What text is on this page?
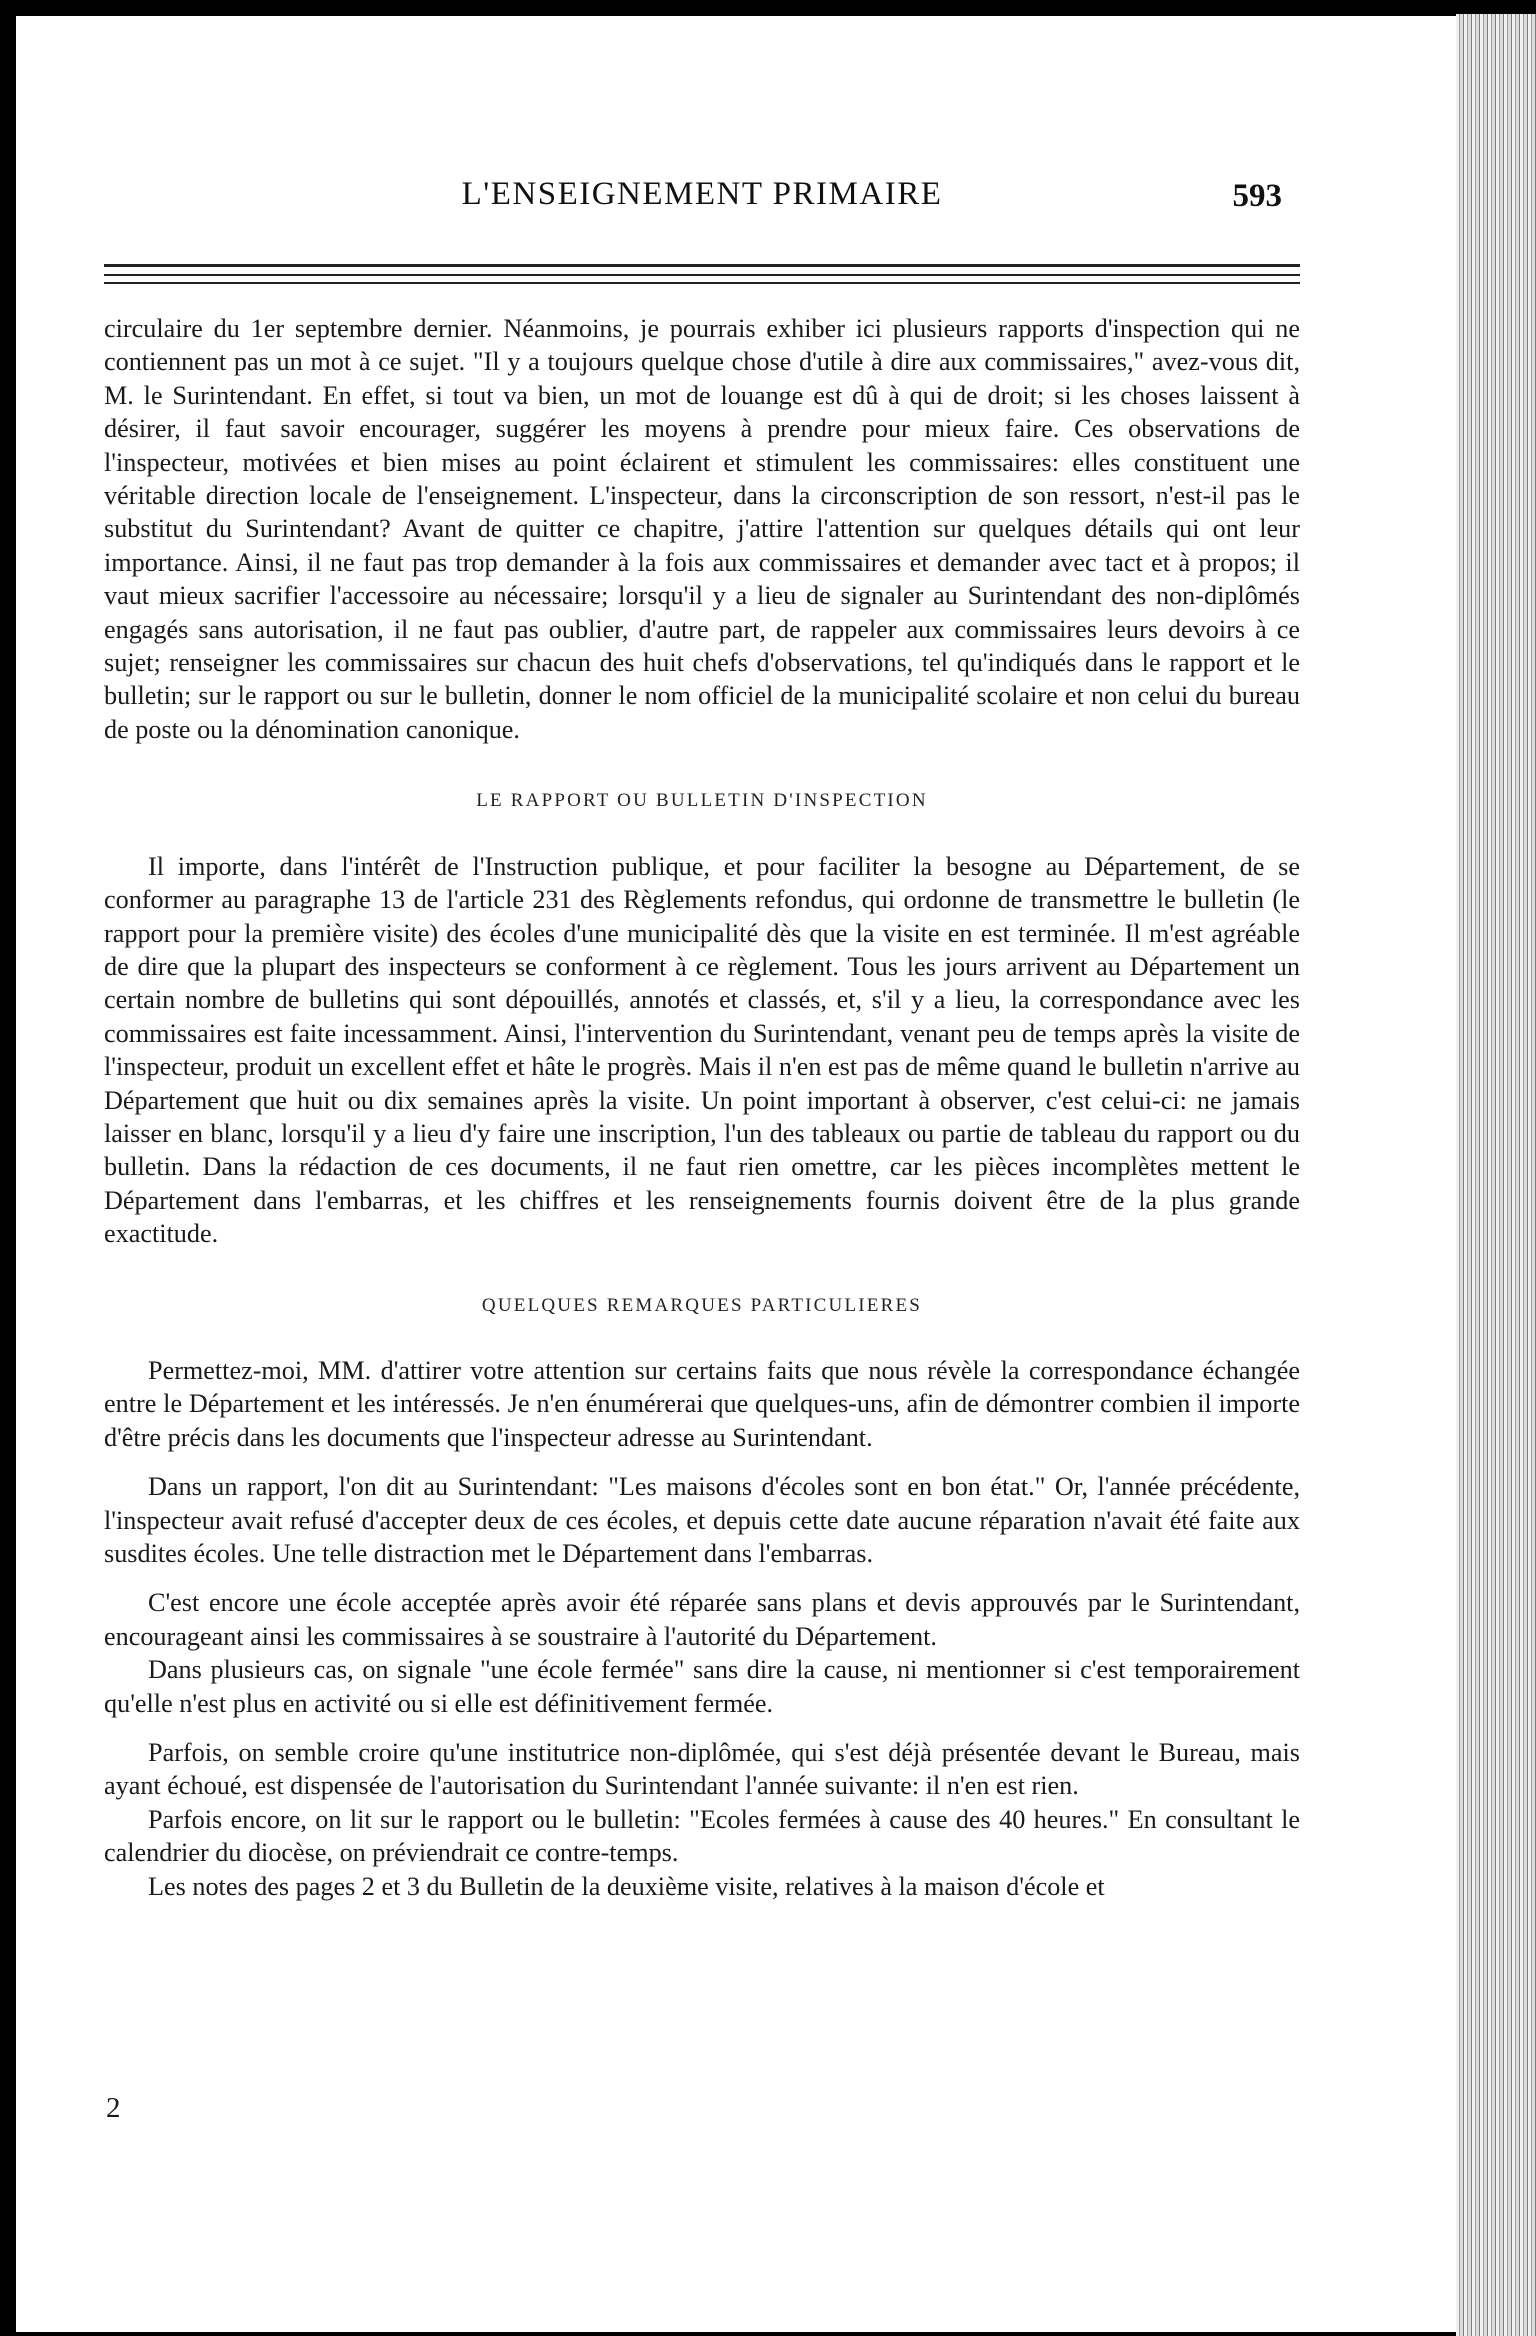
L'ENSEIGNEMENT PRIMAIRE	593

circulaire du 1er septembre dernier. Néanmoins, je pourrais exhiber ici plusieurs rapports d'inspection qui ne contiennent pas un mot à ce sujet. "Il y a toujours quelque chose d'utile à dire aux commissaires," avez-vous dit, M. le Surintendant. En effet, si tout va bien, un mot de louange est dû à qui de droit; si les choses laissent à désirer, il faut savoir encourager, suggérer les moyens à prendre pour mieux faire. Ces observations de l'inspecteur, motivées et bien mises au point éclairent et stimulent les commissaires: elles constituent une véritable direction locale de l'enseignement. L'inspecteur, dans la circonscription de son ressort, n'est-il pas le substitut du Surintendant? Avant de quitter ce chapitre, j'attire l'attention sur quelques détails qui ont leur importance. Ainsi, il ne faut pas trop demander à la fois aux commissaires et demander avec tact et à propos; il vaut mieux sacrifier l'accessoire au nécessaire; lorsqu'il y a lieu de signaler au Surintendant des non-diplômés engagés sans autorisation, il ne faut pas oublier, d'autre part, de rappeler aux commissaires leurs devoirs à ce sujet; renseigner les commissaires sur chacun des huit chefs d'observations, tel qu'indiqués dans le rapport et le bulletin; sur le rapport ou sur le bulletin, donner le nom officiel de la municipalité scolaire et non celui du bureau de poste ou la dénomination canonique.

LE RAPPORT OU BULLETIN D'INSPECTION

Il importe, dans l'intérêt de l'Instruction publique, et pour faciliter la besogne au Département, de se conformer au paragraphe 13 de l'article 231 des Règlements refondus, qui ordonne de transmettre le bulletin (le rapport pour la première visite) des écoles d'une municipalité dès que la visite en est terminée. Il m'est agréable de dire que la plupart des inspecteurs se conforment à ce règlement. Tous les jours arrivent au Département un certain nombre de bulletins qui sont dépouillés, annotés et classés, et, s'il y a lieu, la correspondance avec les commissaires est faite incessamment. Ainsi, l'intervention du Surintendant, venant peu de temps après la visite de l'inspecteur, produit un excellent effet et hâte le progrès. Mais il n'en est pas de même quand le bulletin n'arrive au Département que huit ou dix semaines après la visite. Un point important à observer, c'est celui-ci: ne jamais laisser en blanc, lorsqu'il y a lieu d'y faire une inscription, l'un des tableaux ou partie de tableau du rapport ou du bulletin. Dans la rédaction de ces documents, il ne faut rien omettre, car les pièces incomplètes mettent le Département dans l'embarras, et les chiffres et les renseignements fournis doivent être de la plus grande exactitude.

QUELQUES REMARQUES PARTICULIERES

Permettez-moi, MM. d'attirer votre attention sur certains faits que nous révèle la correspondance échangée entre le Département et les intéressés. Je n'en énumérerai que quelques-uns, afin de démontrer combien il importe d'être précis dans les documents que l'inspecteur adresse au Surintendant.

Dans un rapport, l'on dit au Surintendant: "Les maisons d'écoles sont en bon état." Or, l'année précédente, l'inspecteur avait refusé d'accepter deux de ces écoles, et depuis cette date aucune réparation n'avait été faite aux susdites écoles. Une telle distraction met le Département dans l'embarras.

C'est encore une école acceptée après avoir été réparée sans plans et devis approuvés par le Surintendant, encourageant ainsi les commissaires à se soustraire à l'autorité du Département.

Dans plusieurs cas, on signale "une école fermée" sans dire la cause, ni mentionner si c'est temporairement qu'elle n'est plus en activité ou si elle est définitivement fermée.

Parfois, on semble croire qu'une institutrice non-diplômée, qui s'est déjà présentée devant le Bureau, mais ayant échoué, est dispensée de l'autorisation du Surintendant l'année suivante: il n'en est rien.

Parfois encore, on lit sur le rapport ou le bulletin: "Ecoles fermées à cause des 40 heures." En consultant le calendrier du diocèse, on préviendrait ce contre-temps.

Les notes des pages 2 et 3 du Bulletin de la deuxième visite, relatives à la maison d'école et

2
